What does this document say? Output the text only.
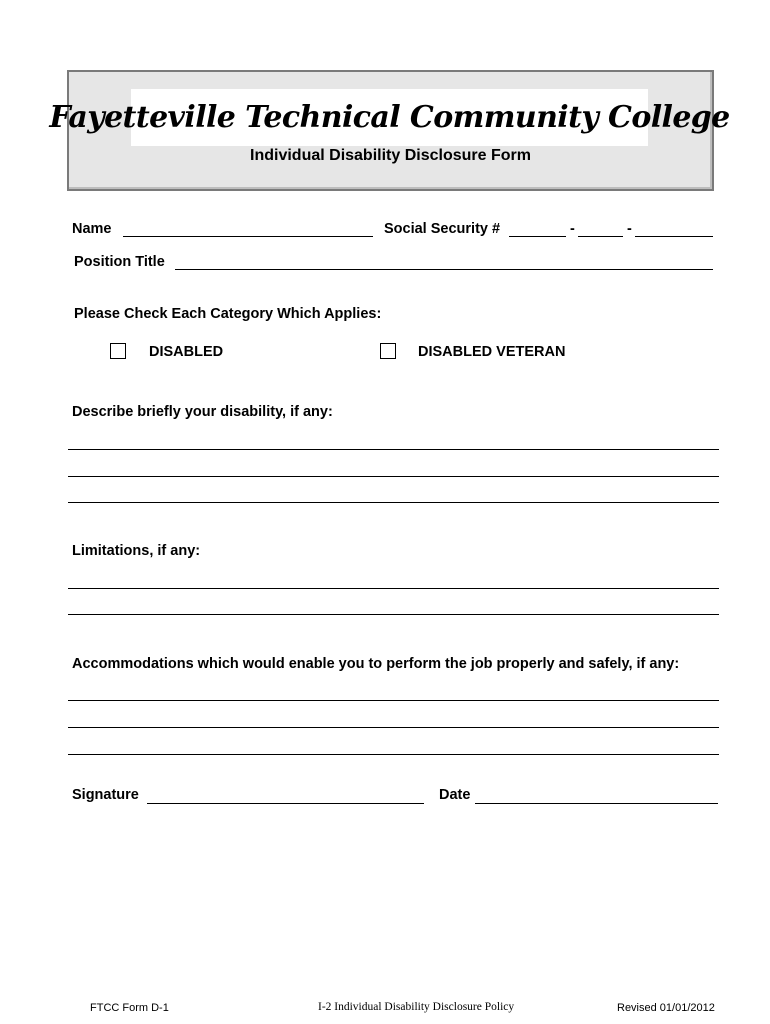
Fayetteville Technical Community College
Individual Disability Disclosure Form
Name	Social Security #	-	-
Position Title
Please Check Each Category Which Applies:
DISABLED	DISABLED VETERAN
Describe briefly your disability, if any:
Limitations, if any:
Accommodations which would enable you to perform the job properly and safely, if any:
Signature	Date
FTCC Form D-1	I-2 Individual Disability Disclosure Policy	Revised 01/01/2012
